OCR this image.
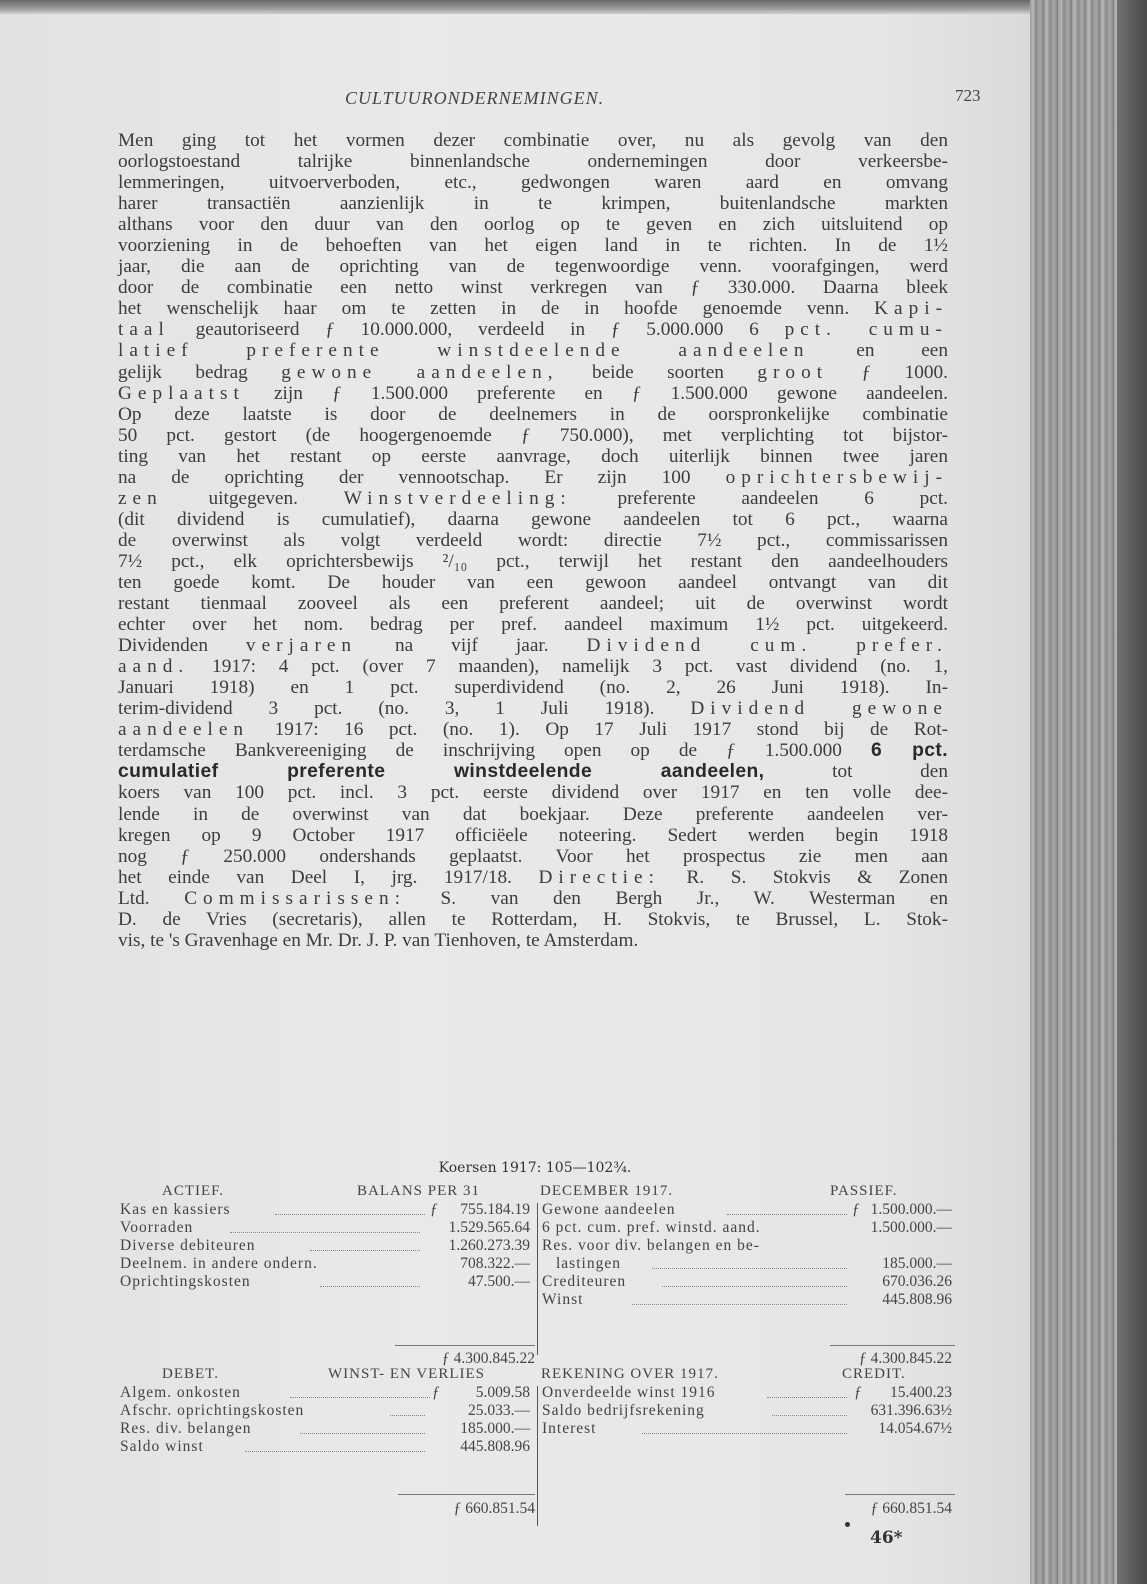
CULTUURONDERNEMINGEN.	723
Men ging tot het vormen dezer combinatie over, nu als gevolg van den
oorlogstoestand talrijke binnenlandsche ondernemingen door verkeersbe-
lemmeringen, uitvoerverboden, etc., gedwongen waren aard en omvang
harer transactiën aanzienlijk in te krimpen, buitenlandsche markten
althans voor den duur van den oorlog op te geven en zich uitsluitend op
voorziening in de behoeften van het eigen land in te richten. In de 1½
jaar, die aan de oprichting van de tegenwoordige venn. voorafgingen, werd
door de combinatie een netto winst verkregen van ƒ 330.000. Daarna bleek
het wenschelijk haar om te zetten in de in hoofde genoemde venn. Kapi-
taal geautoriseerd ƒ 10.000.000, verdeeld in ƒ 5.000.000 6 pct. cumu-
latief preferente winstdeelende aandeelen en een
gelijk bedrag gewone aandeelen, beide soorten groot ƒ 1000.
Geplaatst zijn ƒ 1.500.000 preferente en ƒ 1.500.000 gewone aandeelen.
Op deze laatste is door de deelnemers in de oorspronkelijke combinatie
50 pct. gestort (de hoogergenoemde ƒ 750.000), met verplichting tot bijstor-
ting van het restant op eerste aanvrage, doch uiterlijk binnen twee jaren
na de oprichting der vennootschap. Er zijn 100 oprichtersbewij-
zen uitgegeven. Winstverdeeling: preferente aandeelen 6 pct.
(dit dividend is cumulatief), daarna gewone aandeelen tot 6 pct., waarna
de overwinst als volgt verdeeld wordt: directie 7½ pct., commissarissen
7½ pct., elk oprichtersbewijs ²/₁₀ pct., terwijl het restant den aandeelhouders
ten goede komt. De houder van een gewoon aandeel ontvangt van dit
restant tienmaal zooveel als een preferent aandeel; uit de overwinst wordt
echter over het nom. bedrag per pref. aandeel maximum 1½ pct. uitgekeerd.
Dividenden verjaren na vijf jaar. Dividend cum. prefer.
aand. 1917: 4 pct. (over 7 maanden), namelijk 3 pct. vast dividend (no. 1,
Januari 1918) en 1 pct. superdividend (no. 2, 26 Juni 1918). In-
terim-dividend 3 pct. (no. 3, 1 Juli 1918). Dividend gewone
aandeelen 1917: 16 pct. (no. 1). Op 17 Juli 1917 stond bij de Rot-
terdamsche Bankvereeniging de inschrijving open op de ƒ 1.500.000 6 pct.
cumulatief preferente winstdeelende aandeelen,	tot den
koers van 100 pct. incl. 3 pct. eerste dividend over 1917 en ten volle dee-
lende in de overwinst van dat boekjaar. Deze preferente aandeelen ver-
kregen op 9 October 1917 officiëele noteering. Sedert werden begin 1918
nog ƒ 250.000 ondershands geplaatst. Voor het prospectus zie men aan
het einde van Deel I, jrg. 1917/18. Directie: R. S. Stokvis & Zonen
Ltd. Commissarissen: S. van den Bergh Jr., W. Westerman en
D. de Vries (secretaris), allen te Rotterdam, H. Stokvis, te Brussel, L. Stok-
vis, te 's Gravenhage en Mr. Dr. J. P. van Tienhoven, te Amsterdam.
Koersen 1917: 105—102¾.
ACTIEF.	BALANS PER 31	DECEMBER 1917.	PASSIEF.
Kas en kassiers	ƒ	755.184.19
Voorraden	1.529.565.64
Diverse debiteuren	1.260.273.39
Deelnem. in andere ondern.	708.322.—
Oprichtingskosten	47.500.—
Gewone aandeelen	ƒ 1.500.000.—
6 pct. cum. pref. winstd. aand.	1.500.000.—
Res. voor div. belangen en be-
lastingen	185.000.—
Crediteuren	670.036.26
Winst	445.808.96
ƒ 4.300.845.22	ƒ 4.300.845.22
DEBET.	WINST- EN VERLIES	REKENING OVER 1917.	CREDIT.
Algem. onkosten	ƒ	5.009.58
Afschr. oprichtingskosten	25.033.—
Res. div. belangen	185.000.—
Saldo winst	445.808.96
Onverdeelde winst 1916	ƒ	15.400.23
Saldo bedrijfsrekening	631.396.63½
Interest	14.054.67½
ƒ 660.851.54	ƒ 660.851.54
46*
